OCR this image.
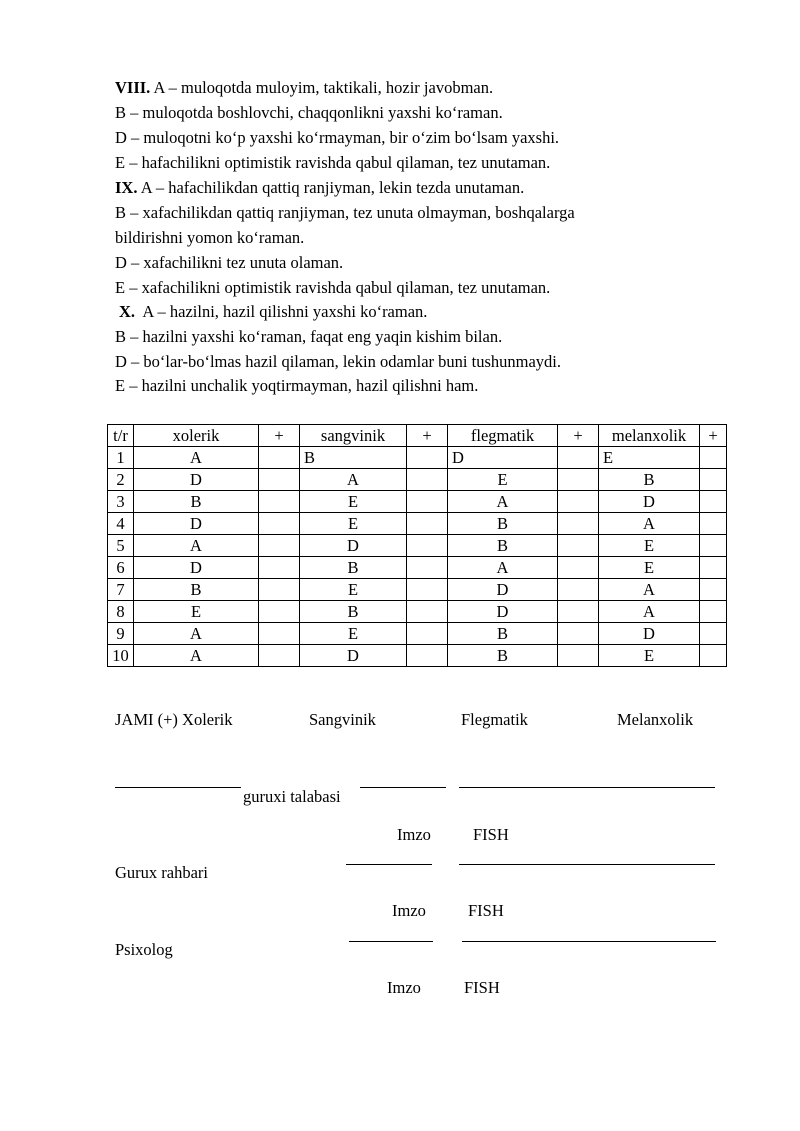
VIII. A – muloqotda muloyim, taktikali, hozir javobman.
B – muloqotda boshlovchi, chaqqonlikni yaxshi ko‘raman.
D – muloqotni ko‘p yaxshi ko‘rmayman, bir o‘zim bo‘lsam yaxshi.
E – hafachilikni optimistik ravishda qabul qilaman, tez unutaman.
IX. A – hafachilikdan qattiq ranjiyman, lekin tezda unutaman.
B – xafachilikdan qattiq ranjiyman, tez unuta olmayman, boshqalarga
bildirishni yomon ko‘raman.
D – xafachilikni tez unuta olaman.
E – xafachilikni optimistik ravishda qabul qilaman, tez unutaman.
X. A – hazilni, hazil qilishni yaxshi ko‘raman.
B – hazilni yaxshi ko‘raman, faqat eng yaqin kishim bilan.
D – bo‘lar-bo‘lmas hazil qilaman, lekin odamlar buni tushunmaydi.
E – hazilni unchalik yoqtirmayman, hazil qilishni ham.
t/r	xolerik	+	sangvinik	+	flegmatik	+	melanxolik	+
1	A		B		D		E	
2	D		A		E		B	
3	B		E		A		D	
4	D		E		B		A	
5	A		D		B		E	
6	D		B		A		E	
7	B		E		D		A	
8	E		B		D		A	
9	A		E		B		D	
10	A		D		B		E	
JAMI (+) Xolerik	Sangvinik	Flegmatik	Melanxolik
guruxi talabasi
Imzo	FISH
Gurux rahbari
Imzo	FISH
Psixolog
Imzo	FISH
